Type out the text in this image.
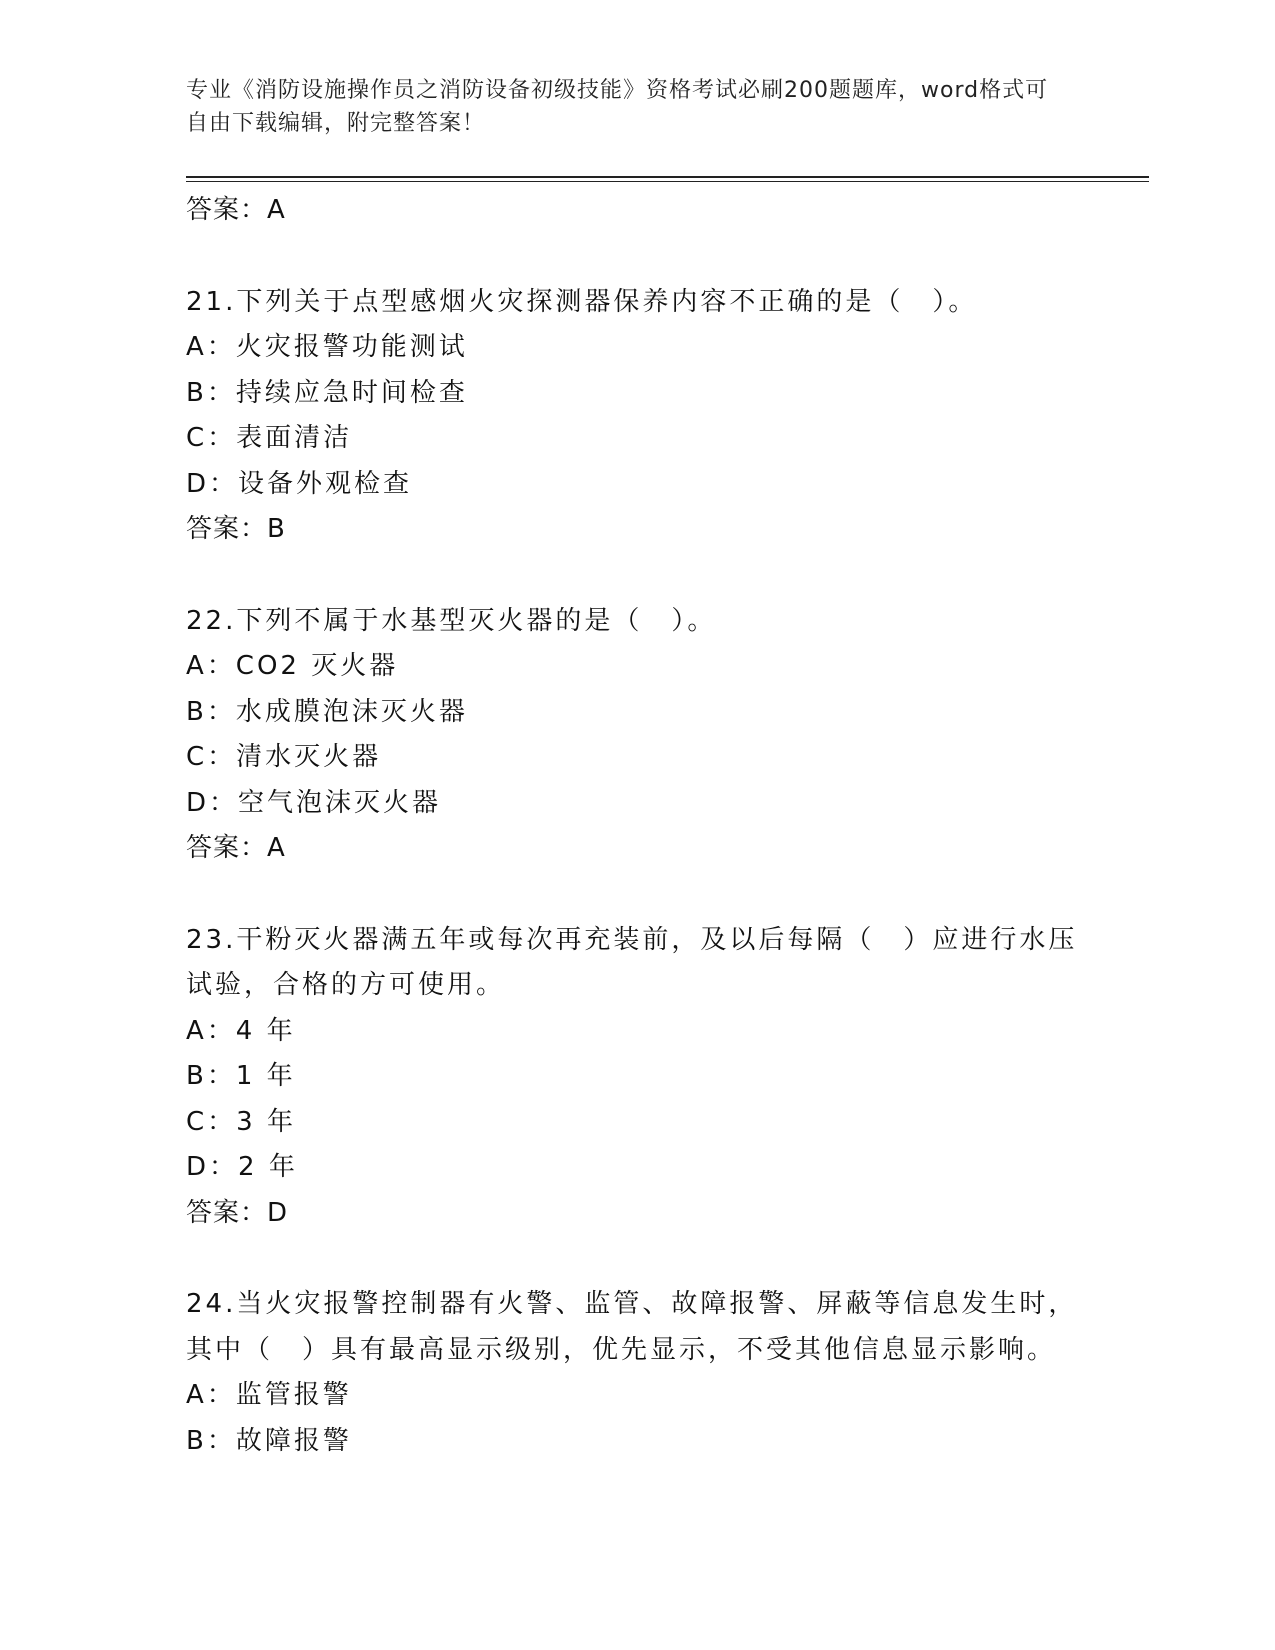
专业《消防设施操作员之消防设备初级技能》资格考试必刷200题题库，word格式可自由下载编辑，附完整答案！
答案：A
21.下列关于点型感烟火灾探测器保养内容不正确的是（　）。
A：火灾报警功能测试
B：持续应急时间检查
C：表面清洁
D：设备外观检查
答案：B
22.下列不属于水基型灭火器的是（　）。
A：CO2 灭火器
B：水成膜泡沫灭火器
C：清水灭火器
D：空气泡沫灭火器
答案：A
23.干粉灭火器满五年或每次再充装前，及以后每隔（　）应进行水压
试验，合格的方可使用。
A：4 年
B：1 年
C：3 年
D：2 年
答案：D
24.当火灾报警控制器有火警、监管、故障报警、屏蔽等信息发生时，
其中（　）具有最高显示级别，优先显示，不受其他信息显示影响。
A：监管报警
B：故障报警
